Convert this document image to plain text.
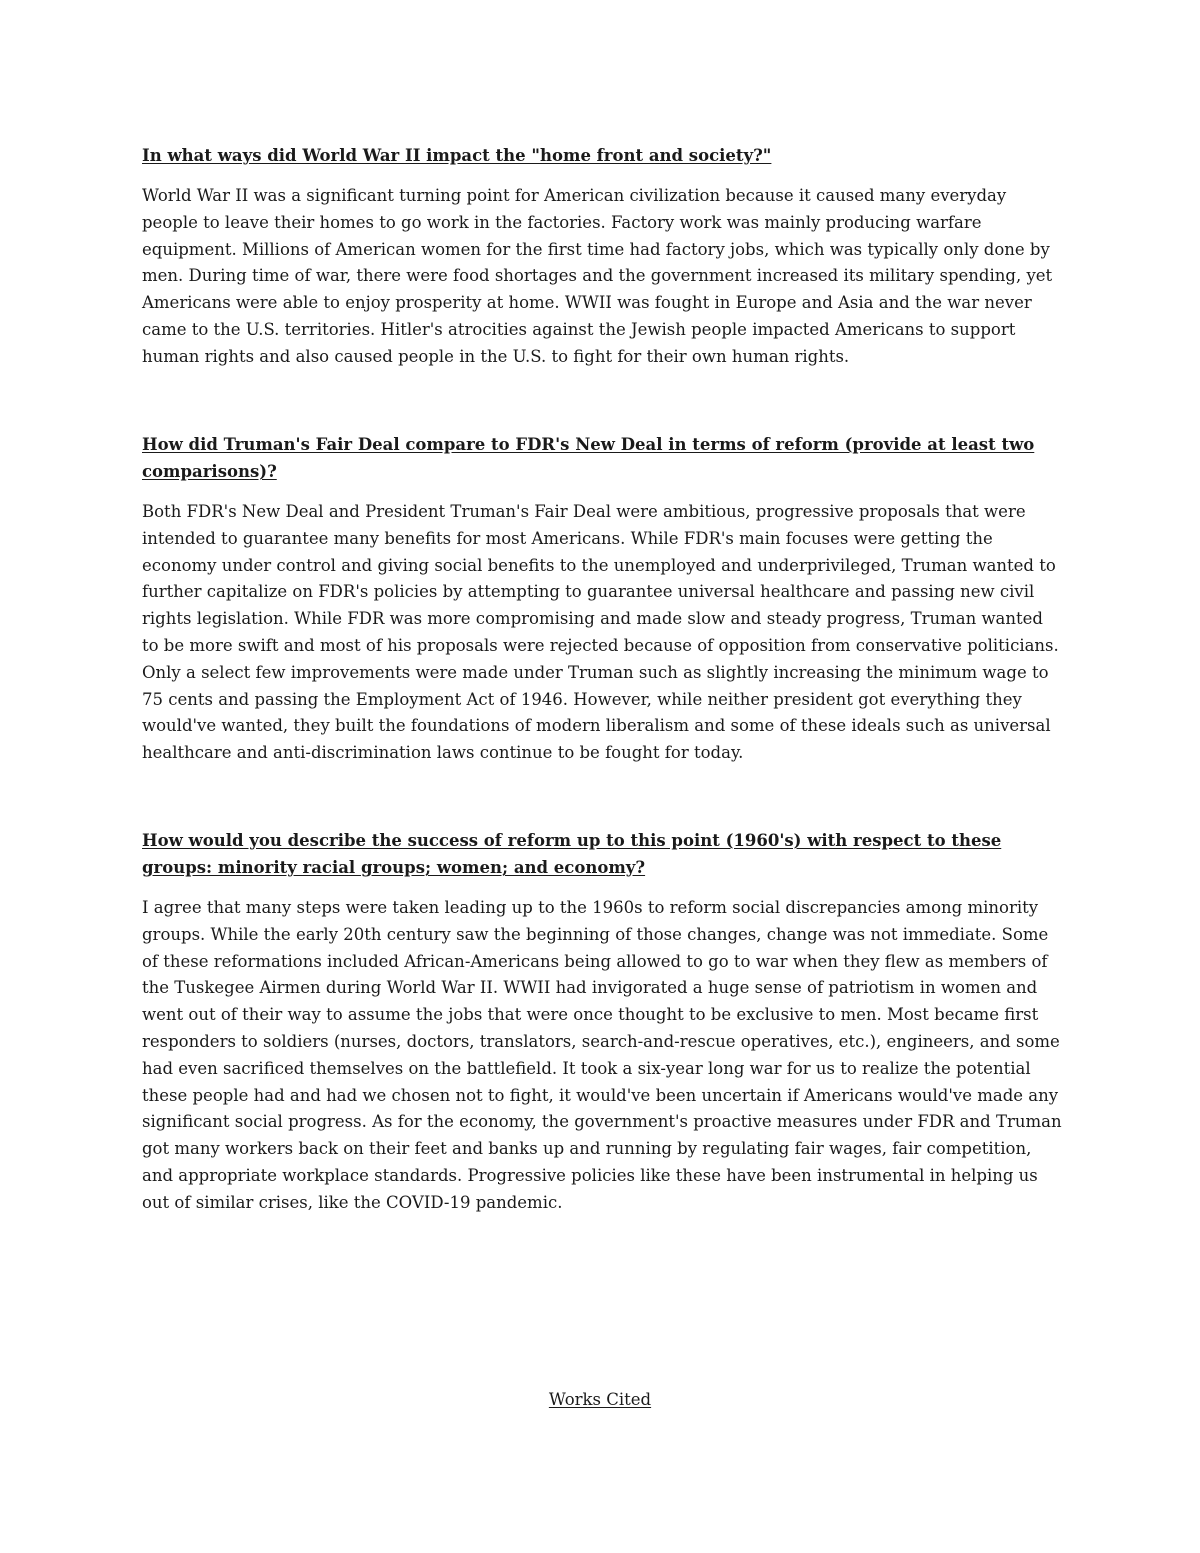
In what ways did World War II impact the "home front and society?"

World War II was a significant turning point for American civilization because it caused many everyday people to leave their homes to go work in the factories. Factory work was mainly producing warfare equipment. Millions of American women for the first time had factory jobs, which was typically only done by men. During time of war, there were food shortages and the government increased its military spending, yet Americans were able to enjoy prosperity at home. WWII was fought in Europe and Asia and the war never came to the U.S. territories. Hitler's atrocities against the Jewish people impacted Americans to support human rights and also caused people in the U.S. to fight for their own human rights.

How did Truman's Fair Deal compare to FDR's New Deal in terms of reform (provide at least two comparisons)?

Both FDR's New Deal and President Truman's Fair Deal were ambitious, progressive proposals that were intended to guarantee many benefits for most Americans. While FDR's main focuses were getting the economy under control and giving social benefits to the unemployed and underprivileged, Truman wanted to further capitalize on FDR's policies by attempting to guarantee universal healthcare and passing new civil rights legislation. While FDR was more compromising and made slow and steady progress, Truman wanted to be more swift and most of his proposals were rejected because of opposition from conservative politicians. Only a select few improvements were made under Truman such as slightly increasing the minimum wage to 75 cents and passing the Employment Act of 1946. However, while neither president got everything they would've wanted, they built the foundations of modern liberalism and some of these ideals such as universal healthcare and anti-discrimination laws continue to be fought for today.

How would you describe the success of reform up to this point (1960's) with respect to these groups: minority racial groups; women; and economy?

I agree that many steps were taken leading up to the 1960s to reform social discrepancies among minority groups. While the early 20th century saw the beginning of those changes, change was not immediate. Some of these reformations included African-Americans being allowed to go to war when they flew as members of the Tuskegee Airmen during World War II. WWII had invigorated a huge sense of patriotism in women and went out of their way to assume the jobs that were once thought to be exclusive to men. Most became first responders to soldiers (nurses, doctors, translators, search-and-rescue operatives, etc.), engineers, and some had even sacrificed themselves on the battlefield. It took a six-year long war for us to realize the potential these people had and had we chosen not to fight, it would've been uncertain if Americans would've made any significant social progress. As for the economy, the government's proactive measures under FDR and Truman got many workers back on their feet and banks up and running by regulating fair wages, fair competition, and appropriate workplace standards. Progressive policies like these have been instrumental in helping us out of similar crises, like the COVID-19 pandemic.

Works Cited
